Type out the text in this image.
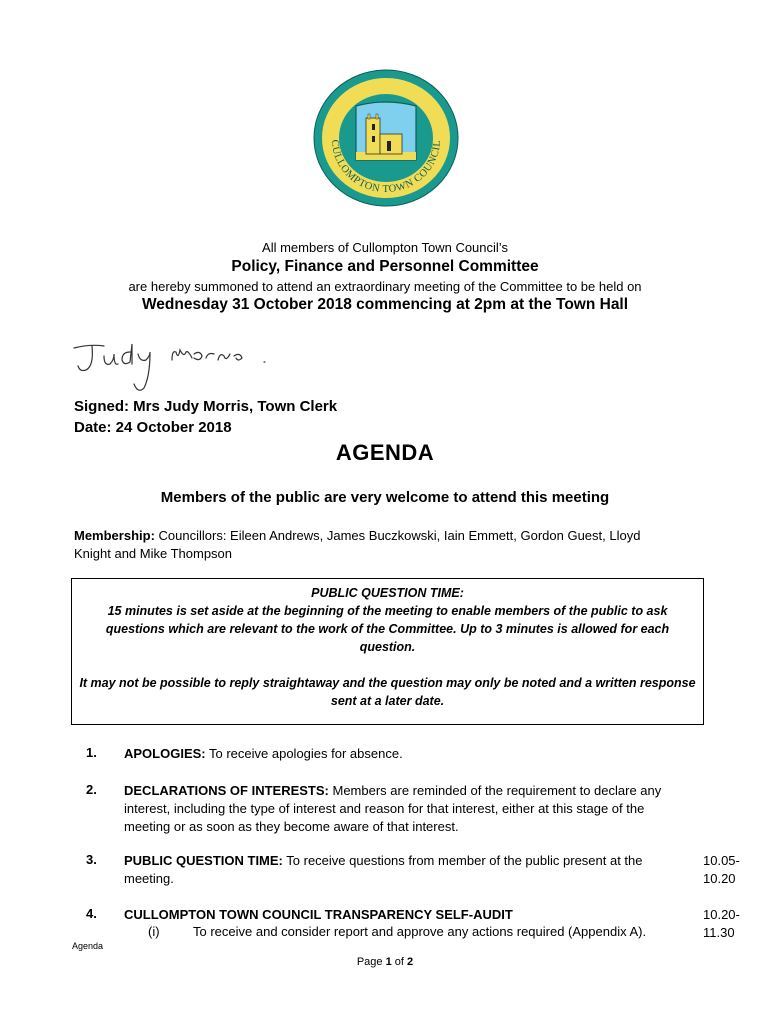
CULLOMPTON TOWN COUNCIL
All members of Cullompton Town Council’s
Policy, Finance and Personnel Committee
are hereby summoned to attend an extraordinary meeting of the Committee to be held on
Wednesday 31 October 2018 commencing at 2pm at the Town Hall
Signed: Mrs Judy Morris, Town Clerk
Date: 24 October 2018
AGENDA
Members of the public are very welcome to attend this meeting
Membership: Councillors: Eileen Andrews, James Buczkowski, Iain Emmett, Gordon Guest, Lloyd Knight and Mike Thompson

PUBLIC QUESTION TIME:

15 minutes is set aside at the beginning of the meeting to enable members of the public to ask questions which are relevant to the work of the Committee. Up to 3 minutes is allowed for each question.

It may not be possible to reply straightaway and the question may only be noted and a written response sent at a later date.

1. APOLOGIES: To receive apologies for absence.
2. DECLARATIONS OF INTERESTS: Members are reminded of the requirement to declare any interest, including the type of interest and reason for that interest, either at this stage of the meeting or as soon as they become aware of that interest.
3. PUBLIC QUESTION TIME: To receive questions from member of the public present at the meeting.
10.05-10.20
4. CULLOMPTON TOWN COUNCIL TRANSPARENCY SELF-AUDIT	10.20-11.30
(i)	To receive and consider report and approve any actions required (Appendix A).
Agenda
Page 1 of 2
